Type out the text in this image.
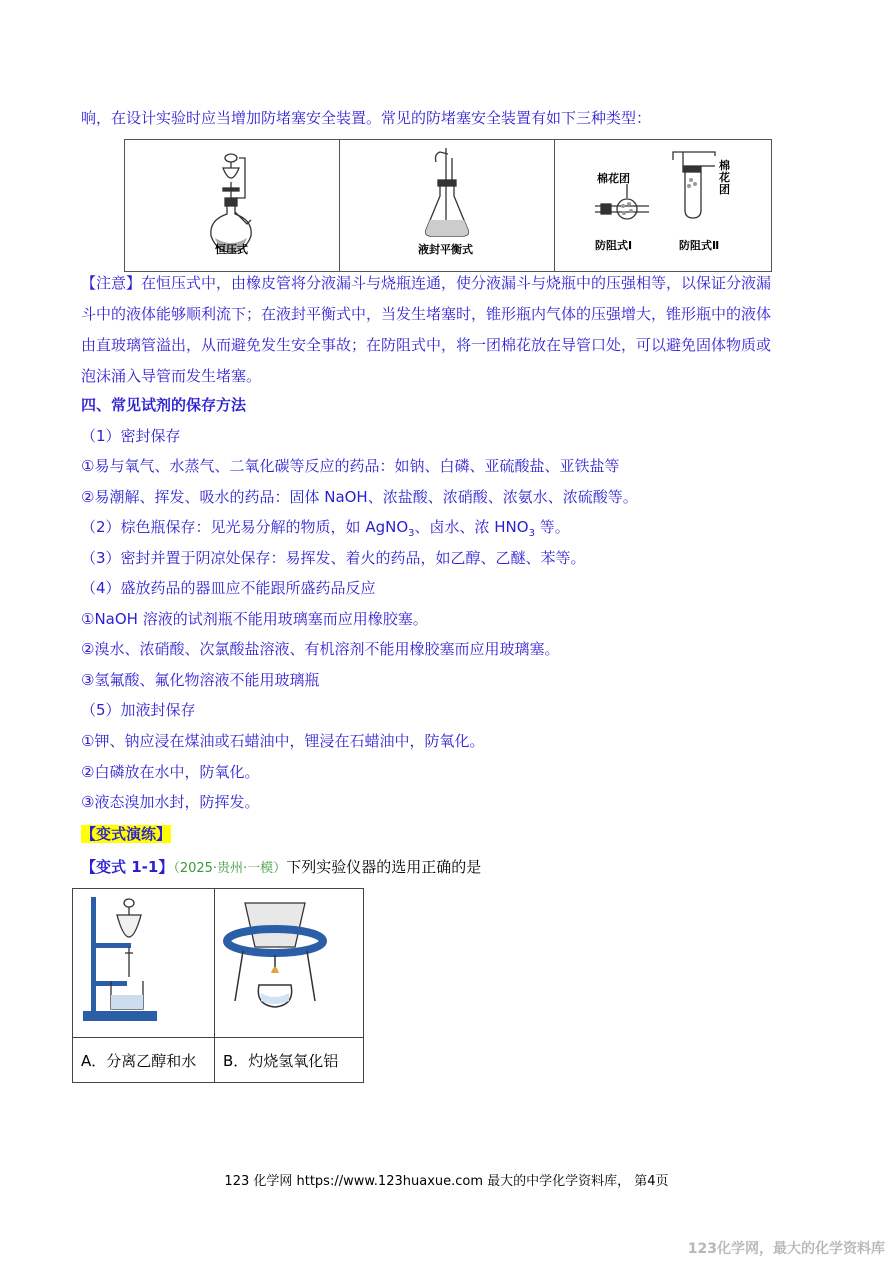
响，在设计实验时应当增加防堵塞安全装置。常见的防堵塞安全装置有如下三种类型：
恒压式	液封平衡式
棉花团
棉花团
防阻式Ⅰ	防阻式Ⅱ
【注意】在恒压式中，由橡皮管将分液漏斗与烧瓶连通，使分液漏斗与烧瓶中的压强相等，以保证分液漏
斗中的液体能够顺利流下；在液封平衡式中，当发生堵塞时，锥形瓶内气体的压强增大，锥形瓶中的液体
由直玻璃管溢出，从而避免发生安全事故；在防阻式中，将一团棉花放在导管口处，可以避免固体物质或
泡沫涌入导管而发生堵塞。
四、常见试剂的保存方法
（1）密封保存
①易与氧气、水蒸气、二氧化碳等反应的药品：如钠、白磷、亚硫酸盐、亚铁盐等
②易潮解、挥发、吸水的药品：固体 NaOH、浓盐酸、浓硝酸、浓氨水、浓硫酸等。
（2）棕色瓶保存：见光易分解的物质，如 AgNO$_3$、卤水、浓 $HNO_3$ 等。
（3）密封并置于阴凉处保存：易挥发、着火的药品，如乙醇、乙醚、苯等。
（4）盛放药品的器皿应不能跟所盛药品反应
①NaOH 溶液的试剂瓶不能用玻璃塞而应用橡胶塞。
②溴水、浓硝酸、次氯酸盐溶液、有机溶剂不能用橡胶塞而应用玻璃塞。
③氢氟酸、氟化物溶液不能用玻璃瓶
（5）加液封保存
①钾、钠应浸在煤油或石蜡油中，锂浸在石蜡油中，防氧化。
②白磷放在水中，防氧化。
③液态溴加水封，防挥发。
【变式演练】
【变式 1-1】（2025·贵州·一模）下列实验仪器的选用正确的是
A．分离乙醇和水 B．灼烧氢氧化铝
123 化学网 https://www.123huaxue.com 最大的中学化学资料库， 第4页
123化学网，最大的化学资料库
